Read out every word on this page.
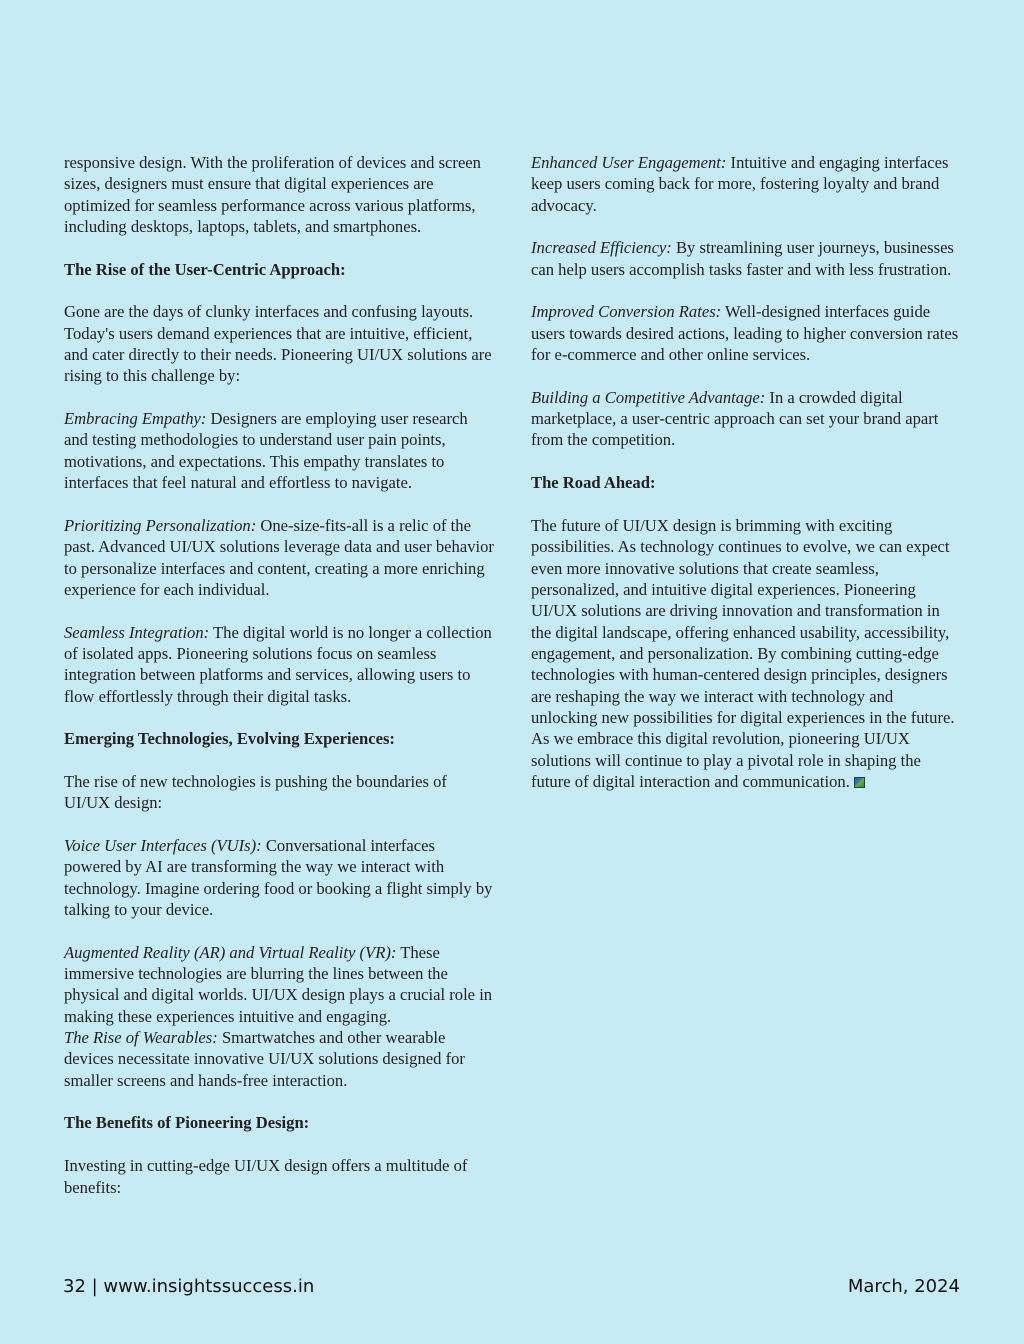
responsive design. With the proliferation of devices and screen sizes, designers must ensure that digital experiences are optimized for seamless performance across various platforms, including desktops, laptops, tablets, and smartphones.

The Rise of the User-Centric Approach:

Gone are the days of clunky interfaces and confusing layouts. Today's users demand experiences that are intuitive, efficient, and cater directly to their needs. Pioneering UI/UX solutions are rising to this challenge by:

Embracing Empathy: Designers are employing user research and testing methodologies to understand user pain points, motivations, and expectations. This empathy translates to interfaces that feel natural and effortless to navigate.

Prioritizing Personalization: One-size-fits-all is a relic of the past. Advanced UI/UX solutions leverage data and user behavior to personalize interfaces and content, creating a more enriching experience for each individual.

Seamless Integration: The digital world is no longer a collection of isolated apps. Pioneering solutions focus on seamless integration between platforms and services, allowing users to flow effortlessly through their digital tasks.

Emerging Technologies, Evolving Experiences:

The rise of new technologies is pushing the boundaries of UI/UX design:

Voice User Interfaces (VUIs): Conversational interfaces powered by AI are transforming the way we interact with technology. Imagine ordering food or booking a flight simply by talking to your device.

Augmented Reality (AR) and Virtual Reality (VR): These immersive technologies are blurring the lines between the physical and digital worlds. UI/UX design plays a crucial role in making these experiences intuitive and engaging.

The Rise of Wearables: Smartwatches and other wearable devices necessitate innovative UI/UX solutions designed for smaller screens and hands-free interaction.

The Benefits of Pioneering Design:

Investing in cutting-edge UI/UX design offers a multitude of benefits:

Enhanced User Engagement: Intuitive and engaging interfaces keep users coming back for more, fostering loyalty and brand advocacy.

Increased Efficiency: By streamlining user journeys, businesses can help users accomplish tasks faster and with less frustration.

Improved Conversion Rates: Well-designed interfaces guide users towards desired actions, leading to higher conversion rates for e-commerce and other online services.

Building a Competitive Advantage: In a crowded digital marketplace, a user-centric approach can set your brand apart from the competition.

The Road Ahead:

The future of UI/UX design is brimming with exciting possibilities. As technology continues to evolve, we can expect even more innovative solutions that create seamless, personalized, and intuitive digital experiences. Pioneering UI/UX solutions are driving innovation and transformation in the digital landscape, offering enhanced usability, accessibility, engagement, and personalization. By combining cutting-edge technologies with human-centered design principles, designers are reshaping the way we interact with technology and unlocking new possibilities for digital experiences in the future. As we embrace this digital revolution, pioneering UI/UX solutions will continue to play a pivotal role in shaping the future of digital interaction and communication.

32 | www.insightssuccess.in	March, 2024
